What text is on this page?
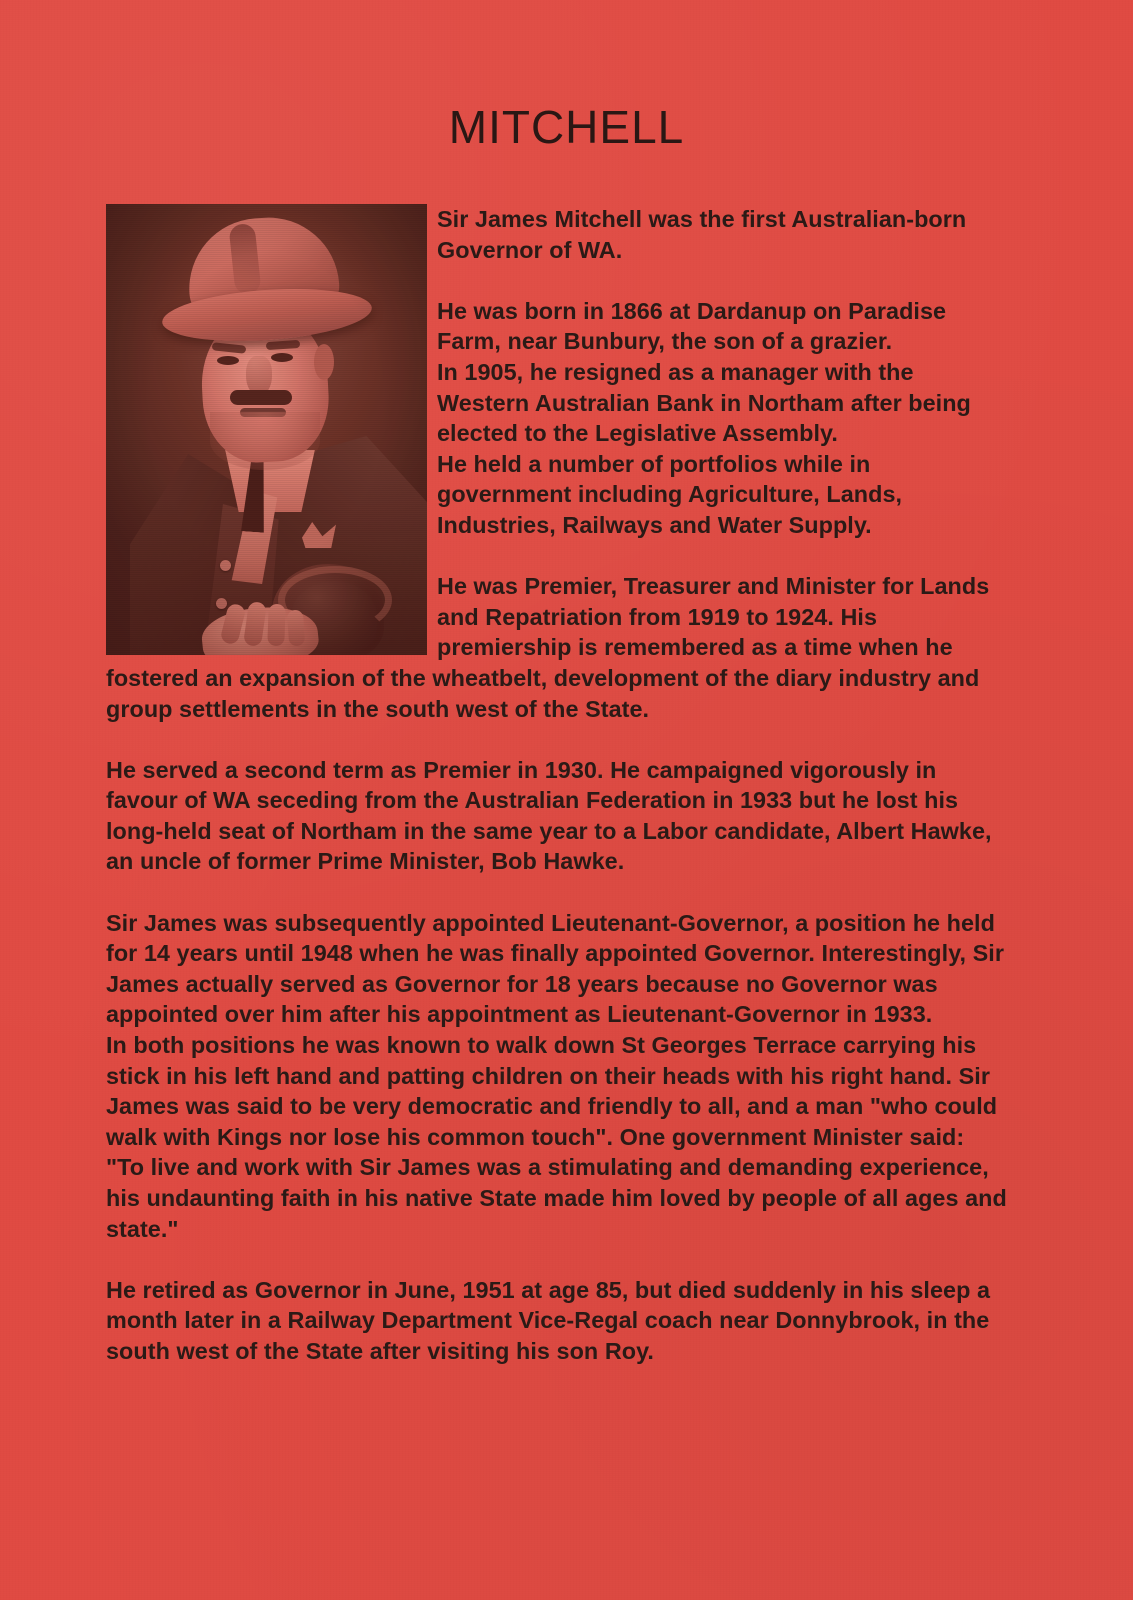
MITCHELL

Sir James Mitchell was the first Australian-born Governor of WA.

He was born in 1866 at Dardanup on Paradise Farm, near Bunbury, the son of a grazier.

In 1905, he resigned as a manager with the Western Australian Bank in Northam after being elected to the Legislative Assembly.

He held a number of portfolios while in government including Agriculture, Lands, Industries, Railways and Water Supply.

He was Premier, Treasurer and Minister for Lands and Repatriation from 1919 to 1924. His premiership is remembered as a time when he fostered an expansion of the wheatbelt, development of the diary industry and group settlements in the south west of the State.

He served a second term as Premier in 1930. He campaigned vigorously in favour of WA seceding from the Australian Federation in 1933 but he lost his long-held seat of Northam in the same year to a Labor candidate, Albert Hawke, an uncle of former Prime Minister, Bob Hawke.

Sir James was subsequently appointed Lieutenant-Governor, a position he held for 14 years until 1948 when he was finally appointed Governor. Interestingly, Sir James actually served as Governor for 18 years because no Governor was appointed over him after his appointment as Lieutenant-Governor in 1933.

In both positions he was known to walk down St Georges Terrace carrying his stick in his left hand and patting children on their heads with his right hand. Sir James was said to be very democratic and friendly to all, and a man "who could walk with Kings nor lose his common touch". One government Minister said: "To live and work with Sir James was a stimulating and demanding experience, his undaunting faith in his native State made him loved by people of all ages and state."

He retired as Governor in June, 1951 at age 85, but died suddenly in his sleep a month later in a Railway Department Vice-Regal coach near Donnybrook, in the south west of the State after visiting his son Roy.
